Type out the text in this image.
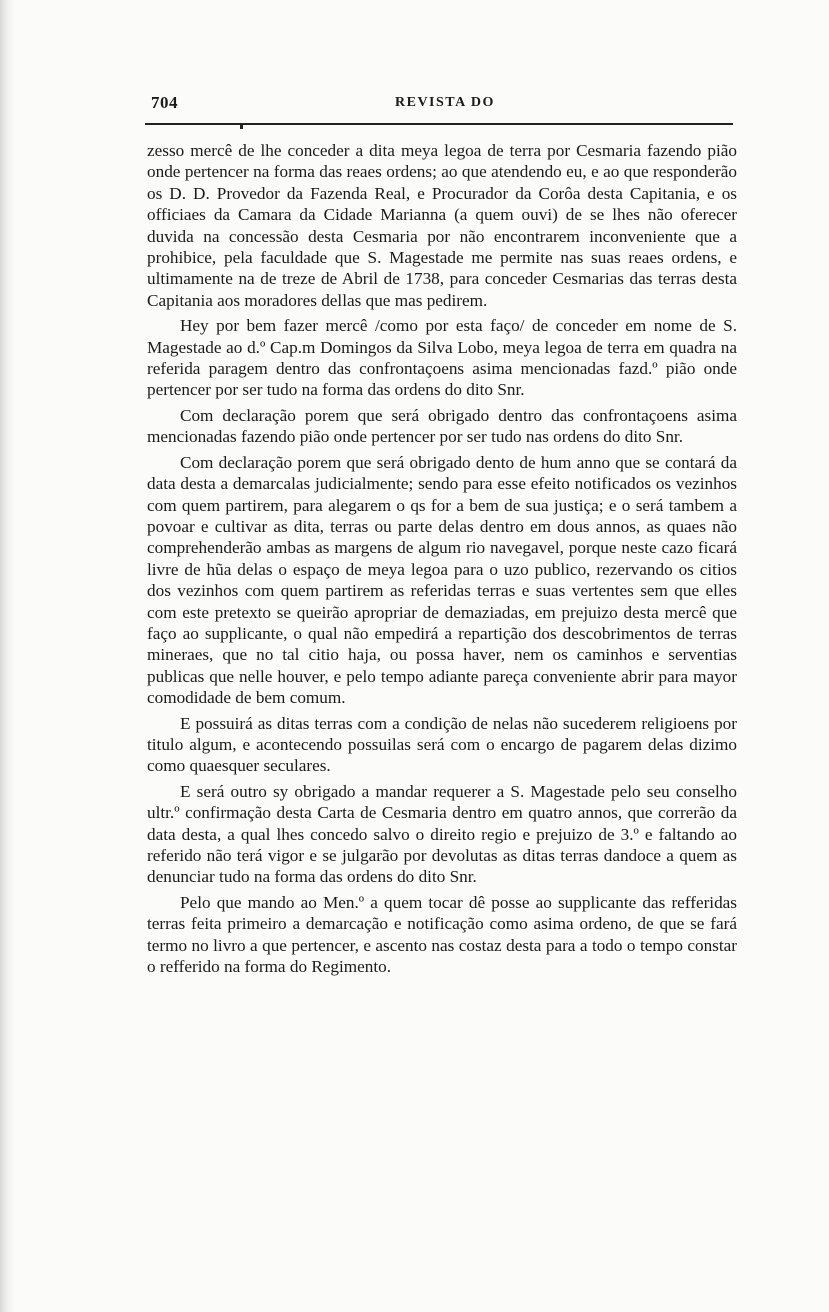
704	REVISTA DO

zesso mercê de lhe conceder a dita meya legoa de terra por Cesmaria fazendo pião onde pertencer na forma das reaes ordens; ao que atendendo eu, e ao que responderão os D. D. Provedor da Fazenda Real, e Procurador da Corôa desta Capitania, e os officiaes da Camara da Cidade Marianna (a quem ouvi) de se lhes não oferecer duvida na concessão desta Cesmaria por não encontrarem inconveniente que a prohibice, pela faculdade que S. Magestade me permite nas suas reaes ordens, e ultimamente na de treze de Abril de 1738, para conceder Cesmarias das terras desta Capitania aos moradores dellas que mas pedirem.

Hey por bem fazer mercê /como por esta faço/ de conceder em nome de S. Magestade ao d.º Cap.m Domingos da Silva Lobo, meya legoa de terra em quadra na referida paragem dentro das confrontaçoens asima mencionadas fazd.º pião onde pertencer por ser tudo na forma das ordens do dito Snr.

Com declaração porem que será obrigado dentro das confrontaçoens asima mencionadas fazendo pião onde pertencer por ser tudo nas ordens do dito Snr.

Com declaração porem que será obrigado dento de hum anno que se contará da data desta a demarcalas judicialmente; sendo para esse efeito notificados os vezinhos com quem partirem, para alegarem o qs for a bem de sua justiça; e o será tambem a povoar e cultivar as dita, terras ou parte delas dentro em dous annos, as quaes não comprehenderão ambas as margens de algum rio navegavel, porque neste cazo ficará livre de hũa delas o espaço de meya legoa para o uzo publico, rezervando os citios dos vezinhos com quem partirem as referidas terras e suas vertentes sem que elles com este pretexto se queirão apropriar de demaziadas, em prejuizo desta mercê que faço ao supplicante, o qual não empedirá a repartição dos descobrimentos de terras mineraes, que no tal citio haja, ou possa haver, nem os caminhos e serventias publicas que nelle houver, e pelo tempo adiante pareça conveniente abrir para mayor comodidade de bem comum.

E possuirá as ditas terras com a condição de nelas não sucederem religioens por titulo algum, e acontecendo possuilas será com o encargo de pagarem delas dizimo como quaesquer seculares.

E será outro sy obrigado a mandar requerer a S. Magestade pelo seu conselho ultr.º confirmação desta Carta de Cesmaria dentro em quatro annos, que correrão da data desta, a qual lhes concedo salvo o direito regio e prejuizo de 3.º e faltando ao referido não terá vigor e se julgarão por devolutas as ditas terras dandoce a quem as denunciar tudo na forma das ordens do dito Snr.

Pelo que mando ao Men.º a quem tocar dê posse ao supplicante das refferidas terras feita primeiro a demarcação e notificação como asima ordeno, de que se fará termo no livro a que pertencer, e ascento nas costaz desta para a todo o tempo constar o refferido na forma do Regimento.
